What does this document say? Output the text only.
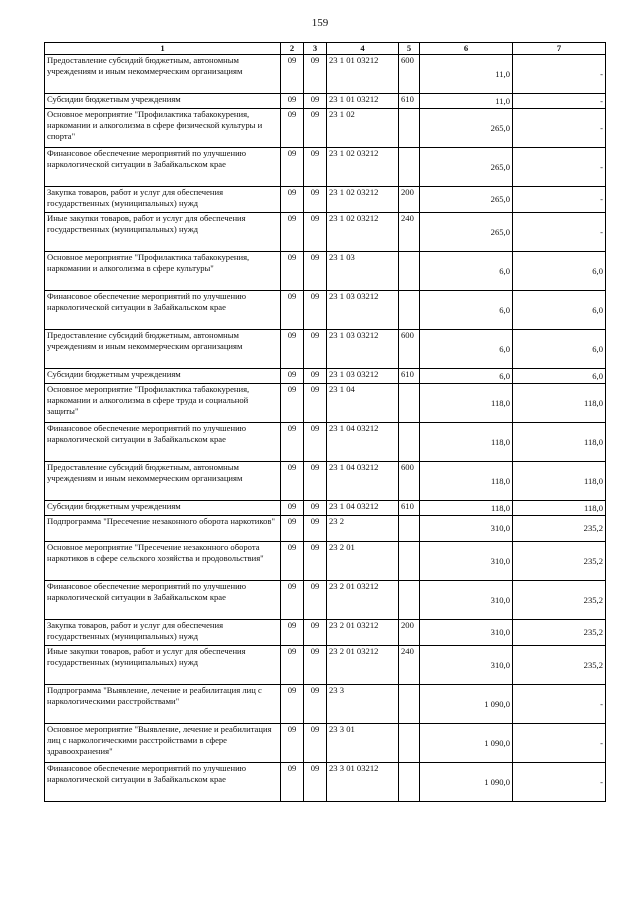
159
1	2	3	4	5	6	7
Предоставление субсидий бюджетным, автономным учреждениям и иным некоммерческим организациям	09	09	23 1 01 03212	600	11,0	-
Субсидии бюджетным учреждениям	09	09	23 1 01 03212	610	11,0	-
Основное мероприятие "Профилактика табакокурения, наркомании и алкоголизма в сфере физической культуры и спорта"	09	09	23 1 02		265,0	-
Финансовое обеспечение мероприятий по улучшению наркологической ситуации в Забайкальском крае	09	09	23 1 02 03212		265,0	-
Закупка товаров, работ и услуг для обеспечения государственных (муниципальных) нужд	09	09	23 1 02 03212	200	265,0	-
Иные закупки товаров, работ и услуг для обеспечения государственных (муниципальных) нужд	09	09	23 1 02 03212	240	265,0	-
Основное мероприятие "Профилактика табакокурения, наркомании и алкоголизма в сфере культуры"	09	09	23 1 03		6,0	6,0
Финансовое обеспечение мероприятий по улучшению наркологической ситуации в Забайкальском крае	09	09	23 1 03 03212		6,0	6,0
Предоставление субсидий бюджетным, автономным учреждениям и иным некоммерческим организациям	09	09	23 1 03 03212	600	6,0	6,0
Субсидии бюджетным учреждениям	09	09	23 1 03 03212	610	6,0	6,0
Основное мероприятие "Профилактика табакокурения, наркомании и алкоголизма в сфере труда и социальной защиты"	09	09	23 1 04		118,0	118,0
Финансовое обеспечение мероприятий по улучшению наркологической ситуации в Забайкальском крае	09	09	23 1 04 03212		118,0	118,0
Предоставление субсидий бюджетным, автономным учреждениям и иным некоммерческим организациям	09	09	23 1 04 03212	600	118,0	118,0
Субсидии бюджетным учреждениям	09	09	23 1 04 03212	610	118,0	118,0
Подпрограмма "Пресечение незаконного оборота наркотиков"	09	09	23 2		310,0	235,2
Основное мероприятие "Пресечение незаконного оборота наркотиков в сфере сельского хозяйства и продовольствия"	09	09	23 2 01		310,0	235,2
Финансовое обеспечение мероприятий по улучшению наркологической ситуации в Забайкальском крае	09	09	23 2 01 03212		310,0	235,2
Закупка товаров, работ и услуг для обеспечения государственных (муниципальных) нужд	09	09	23 2 01 03212	200	310,0	235,2
Иные закупки товаров, работ и услуг для обеспечения государственных (муниципальных) нужд	09	09	23 2 01 03212	240	310,0	235,2
Подпрограмма "Выявление, лечение и реабилитация лиц с наркологическими расстройствами"	09	09	23 3		1 090,0	-
Основное мероприятие "Выявление, лечение и реабилитация лиц с наркологическими расстройствами в сфере здравоохранения"	09	09	23 3 01		1 090,0	-
Финансовое обеспечение мероприятий по улучшению наркологической ситуации в Забайкальском крае	09	09	23 3 01 03212		1 090,0	-
